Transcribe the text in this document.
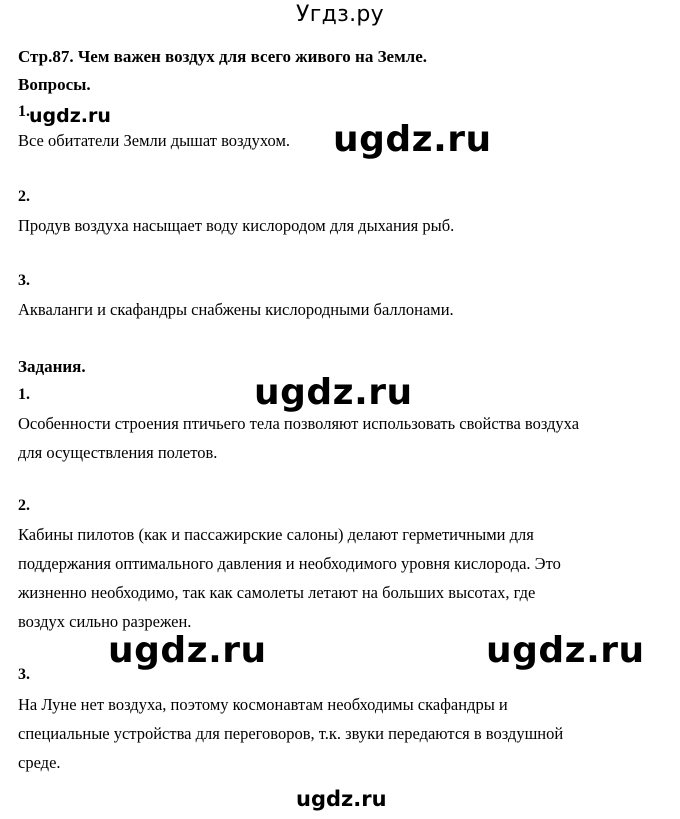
Угдз.ру
Стр.87. Чем важен воздух для всего живого на Земле.
Вопросы.
1.
Все обитатели Земли дышат воздухом.
2.
Продув воздуха насыщает воду кислородом для дыхания рыб.
3.
Акваланги и скафандры снабжены кислородными баллонами.
Задания.
1.
Особенности строения птичьего тела позволяют использовать свойства воздуха
для осуществления полетов.
2.
Кабины пилотов (как и пассажирские салоны) делают герметичными для
поддержания оптимального давления и необходимого уровня кислорода. Это
жизненно необходимо, так как самолеты летают на больших высотах, где
воздух сильно разрежен.
3.
На Луне нет воздуха, поэтому космонавтам необходимы скафандры и
специальные устройства для переговоров, т.к. звуки передаются в воздушной
среде.
ugdz.ru
ugdz.ru
ugdz.ru
ugdz.ru	ugdz.ru
ugdz.ru
